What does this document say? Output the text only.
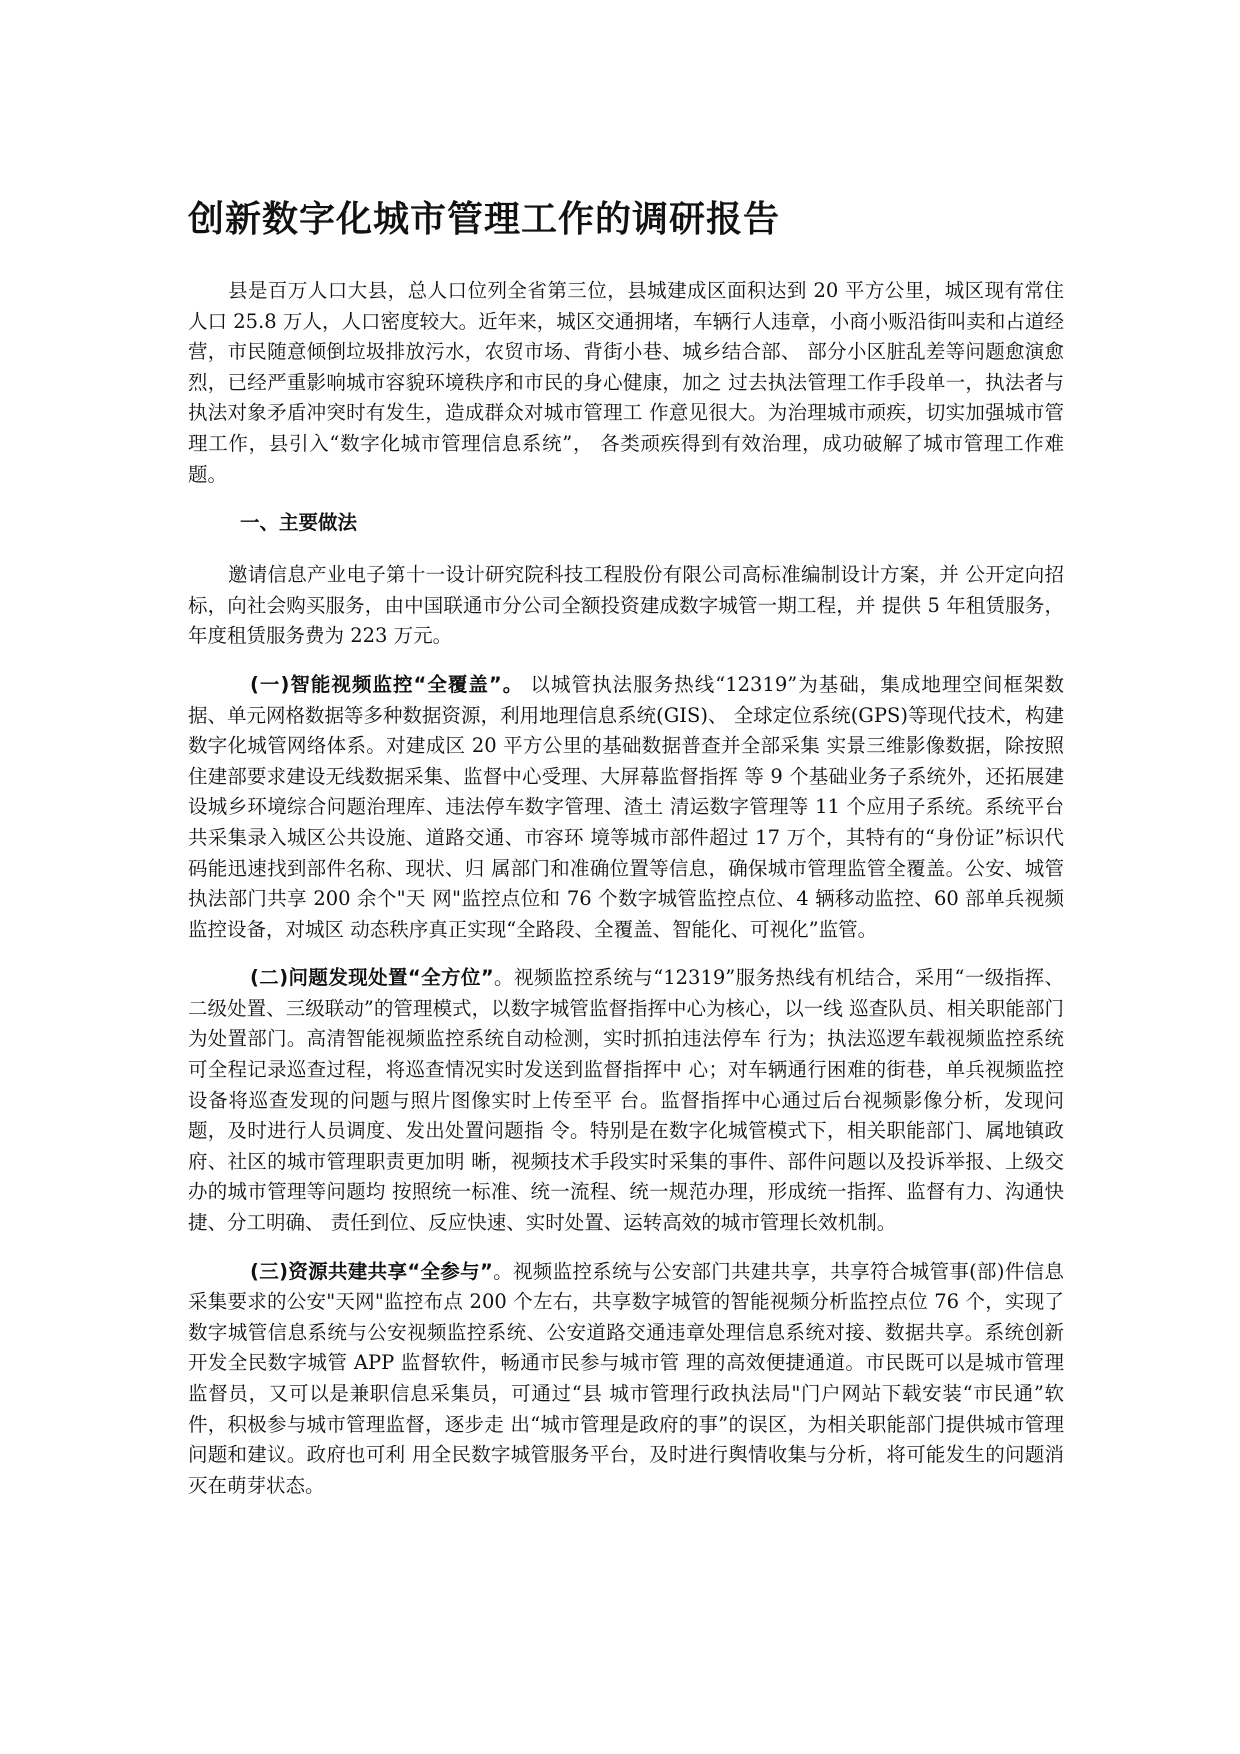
创新数字化城市管理工作的调研报告

县是百万人口大县，总人口位列全省第三位，县城建成区面积达到 20 平方公里，城区现有常住人口 25.8 万人，人口密度较大。近年来，城区交通拥堵，车辆行人违章，小商小贩沿街叫卖和占道经营，市民随意倾倒垃圾排放污水，农贸市场、背街小巷、城乡结合部、 部分小区脏乱差等问题愈演愈烈，已经严重影响城市容貌环境秩序和市民的身心健康，加之 过去执法管理工作手段单一，执法者与执法对象矛盾冲突时有发生，造成群众对城市管理工 作意见很大。为治理城市顽疾，切实加强城市管理工作，县引入“数字化城市管理信息系统”， 各类顽疾得到有效治理，成功破解了城市管理工作难题。

一、主要做法

邀请信息产业电子第十一设计研究院科技工程股份有限公司高标准编制设计方案，并 公开定向招标，向社会购买服务，由中国联通市分公司全额投资建成数字城管一期工程，并 提供 5 年租赁服务，年度租赁服务费为 223 万元。

(一)智能视频监控“全覆盖”。 以城管执法服务热线“12319”为基础，集成地理空间框架数据、单元网格数据等多种数据资源，利用地理信息系统(GIS)、 全球定位系统(GPS)等现代技术，构建数字化城管网络体系。对建成区 20 平方公里的基础数据普查并全部采集 实景三维影像数据，除按照住建部要求建设无线数据采集、监督中心受理、大屏幕监督指挥 等 9 个基础业务子系统外，还拓展建设城乡环境综合问题治理库、违法停车数字管理、渣土 清运数字管理等 11 个应用子系统。系统平台共采集录入城区公共设施、道路交通、市容环 境等城市部件超过 17 万个，其特有的“身份证”标识代码能迅速找到部件名称、现状、归 属部门和准确位置等信息，确保城市管理监管全覆盖。公安、城管执法部门共享 200 余个"天 网"监控点位和 76 个数字城管监控点位、4 辆移动监控、60 部单兵视频监控设备，对城区 动态秩序真正实现“全路段、全覆盖、智能化、可视化”监管。

(二)问题发现处置“全方位”。视频监控系统与“12319”服务热线有机结合，采用“一级指挥、二级处置、三级联动”的管理模式，以数字城管监督指挥中心为核心，以一线 巡查队员、相关职能部门为处置部门。高清智能视频监控系统自动检测，实时抓拍违法停车 行为；执法巡逻车载视频监控系统可全程记录巡查过程，将巡查情况实时发送到监督指挥中 心；对车辆通行困难的街巷，单兵视频监控设备将巡查发现的问题与照片图像实时上传至平 台。监督指挥中心通过后台视频影像分析，发现问题，及时进行人员调度、发出处置问题指 令。特别是在数字化城管模式下，相关职能部门、属地镇政府、社区的城市管理职责更加明 晰，视频技术手段实时采集的事件、部件问题以及投诉举报、上级交办的城市管理等问题均 按照统一标准、统一流程、统一规范办理，形成统一指挥、监督有力、沟通快捷、分工明确、 责任到位、反应快速、实时处置、运转高效的城市管理长效机制。

(三)资源共建共享“全参与”。视频监控系统与公安部门共建共享，共享符合城管事(部)件信息采集要求的公安"天网"监控布点 200 个左右，共享数字城管的智能视频分析监控点位 76 个，实现了数字城管信息系统与公安视频监控系统、公安道路交通违章处理信息系统对接、数据共享。系统创新开发全民数字城管 APP 监督软件，畅通市民参与城市管 理的高效便捷通道。市民既可以是城市管理监督员，又可以是兼职信息采集员，可通过“县 城市管理行政执法局"门户网站下载安装“市民通”软件，积极参与城市管理监督，逐步走 出“城市管理是政府的事”的误区，为相关职能部门提供城市管理问题和建议。政府也可利 用全民数字城管服务平台，及时进行舆情收集与分析，将可能发生的问题消灭在萌芽状态。
